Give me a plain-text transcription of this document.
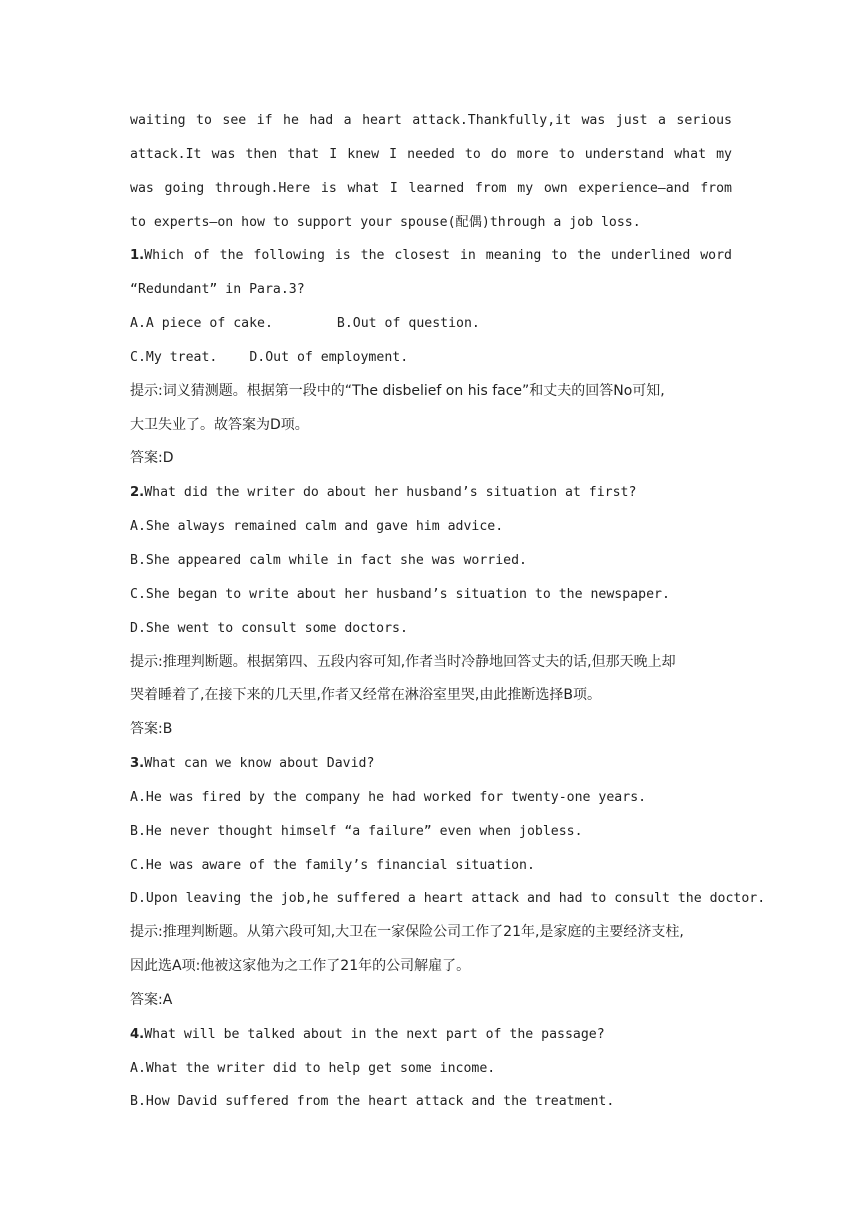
waiting to see if he had a heart attack.Thankfully,it was just a serious
attack.It was then that I knew I needed to do more to understand what my
was going through.Here is what I learned from my own experience—and from
to experts—on how to support your spouse(配偶)through a job loss.
1.Which of the following is the closest in meaning to the underlined word
“Redundant” in Para.3?
A.A piece of cake.	B.Out of question.
C.My treat. D.Out of employment.
提示:词义猜测题。根据第一段中的“The disbelief on his face”和丈夫的回答No可知,
大卫失业了。故答案为D项。
答案:D
2.What did the writer do about her husband’s situation at first?
A.She always remained calm and gave him advice.
B.She appeared calm while in fact she was worried.
C.She began to write about her husband’s situation to the newspaper.
D.She went to consult some doctors.
提示:推理判断题。根据第四、五段内容可知,作者当时冷静地回答丈夫的话,但那天晚上却
哭着睡着了,在接下来的几天里,作者又经常在淋浴室里哭,由此推断选择B项。
答案:B
3.What can we know about David?
A.He was fired by the company he had worked for twenty-one years.
B.He never thought himself “a failure” even when jobless.
C.He was aware of the family’s financial situation.
D.Upon leaving the job,he suffered a heart attack and had to consult the doctor.
提示:推理判断题。从第六段可知,大卫在一家保险公司工作了21年,是家庭的主要经济支柱,
因此选A项:他被这家他为之工作了21年的公司解雇了。
答案:A
4.What will be talked about in the next part of the passage?
A.What the writer did to help get some income.
B.How David suffered from the heart attack and the treatment.
